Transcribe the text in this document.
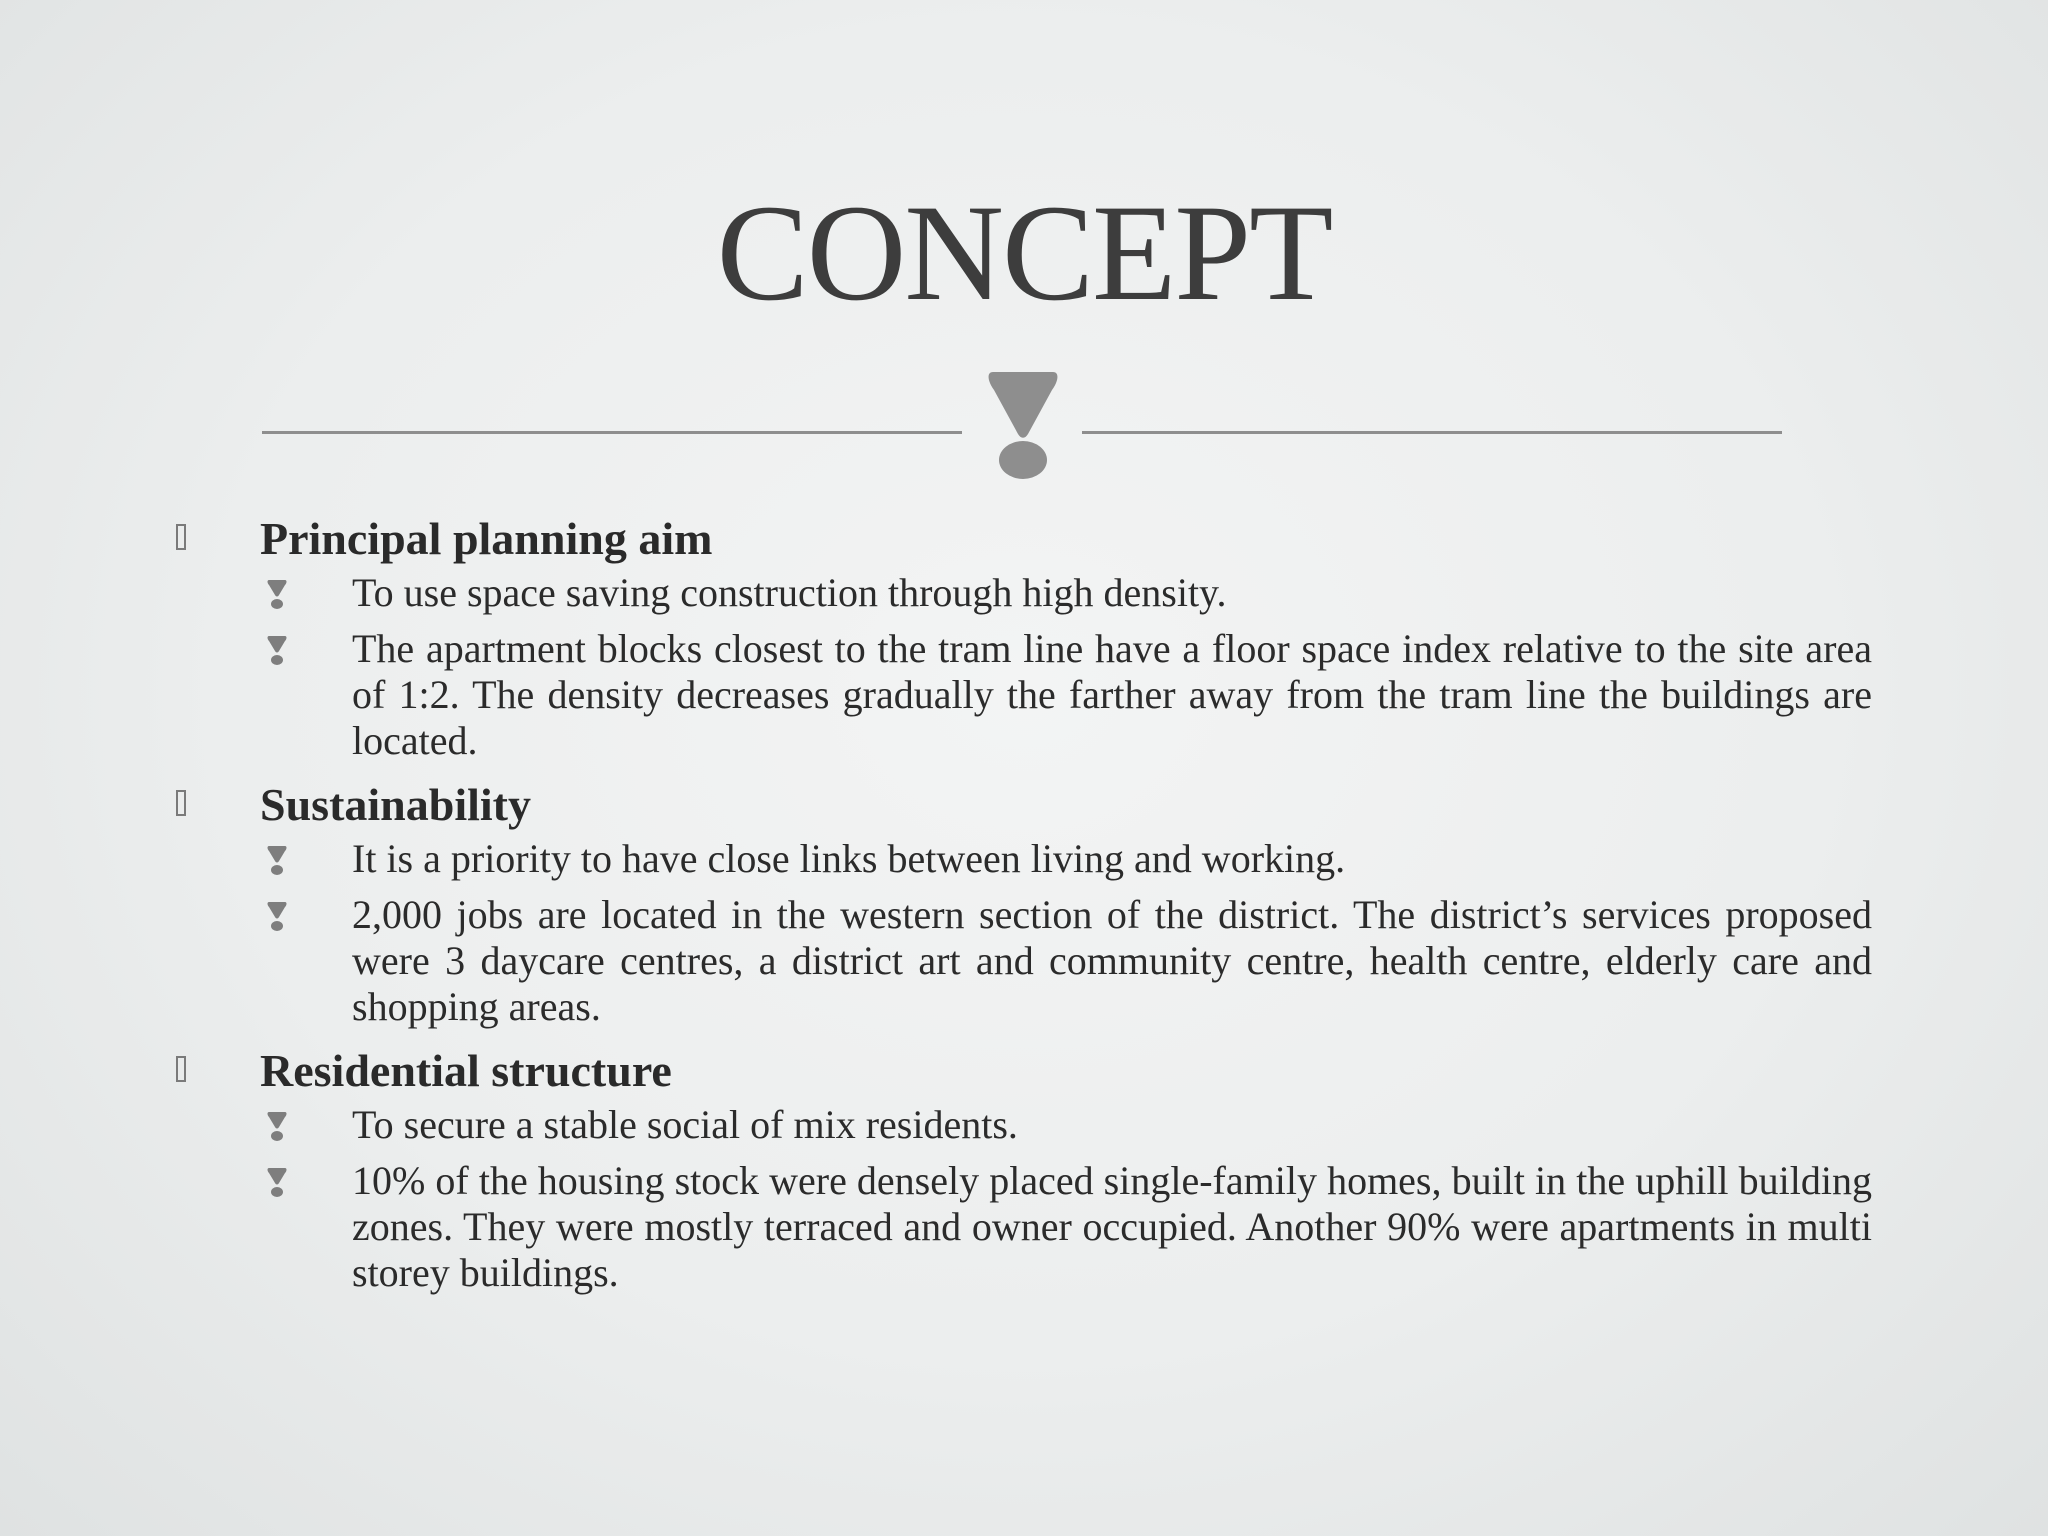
CONCEPT
Principal planning aim
To use space saving construction through high density.
The apartment blocks closest to the tram line have a floor space index relative to the site area of 1:2. The density decreases gradually the farther away from the tram line the buildings are located.
Sustainability
It is a priority to have close links between living and working.
2,000 jobs are located in the western section of the district. The district’s services proposed were 3 daycare centres, a district art and community centre, health centre, elderly care and shopping areas.
Residential structure
To secure a stable social of mix residents.
10% of the housing stock were densely placed single-family homes, built in the uphill building zones. They were mostly terraced and owner occupied. Another 90% were apartments in multi storey buildings.
